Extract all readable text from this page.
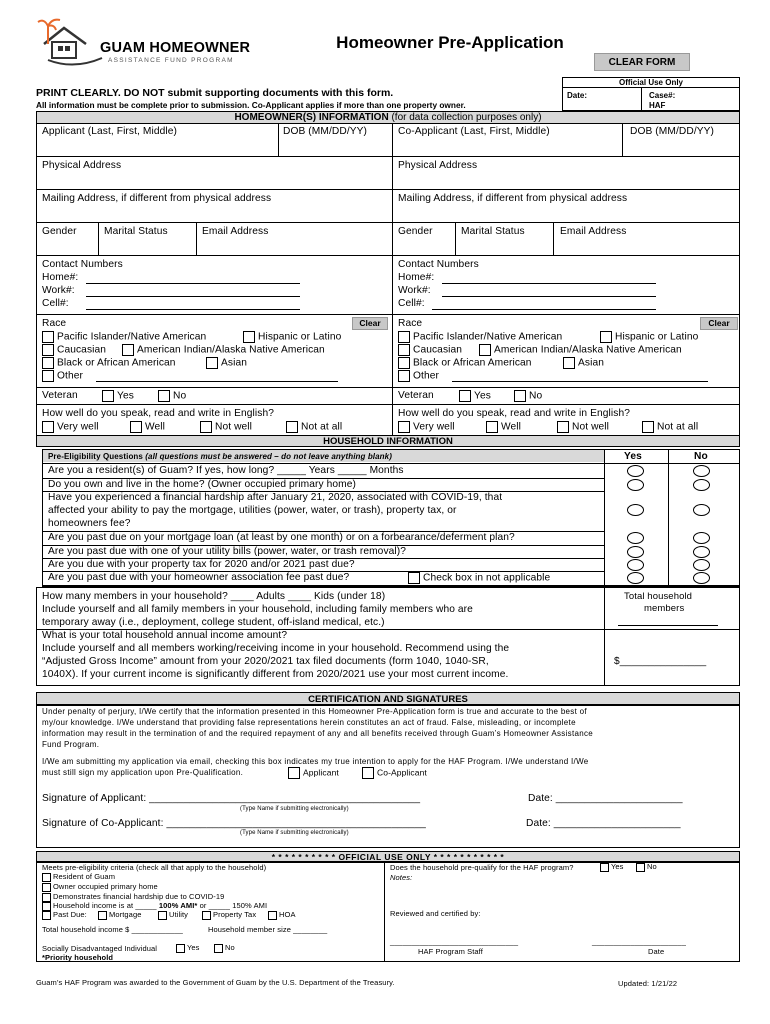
GUAM HOMEOWNER
ASSISTANCE FUND PROGRAM
Homeowner Pre-Application
CLEAR FORM
Official Use Only
Date:	Case#:
HAF
PRINT CLEARLY. DO NOT submit supporting documents with this form.
All information must be complete prior to submission. Co-Applicant applies if more than one property owner.
HOMEOWNER(S) INFORMATION (for data collection purposes only)
Applicant (Last, First, Middle)	DOB (MM/DD/YY)	Co-Applicant (Last, First, Middle)	DOB (MM/DD/YY)
Physical Address	Physical Address
Mailing Address, if different from physical address	Mailing Address, if different from physical address
Gender	Marital Status	Email Address	Gender	Marital Status	Email Address
Contact Numbers
Home#:
Work#:
Cell#:
Contact Numbers
Home#:
Work#:
Cell#:
Race	Clear
Pacific Islander/Native American	Hispanic or Latino
Caucasian	American Indian/Alaska Native American
Black or African American	Asian
Other
Race	Clear
Pacific Islander/Native American	Hispanic or Latino
Caucasian	American Indian/Alaska Native American
Black or African American	Asian
Other
Veteran	Yes	No	Veteran	Yes	No
How well do you speak, read and write in English?
Very well	Well	Not well	Not at all
How well do you speak, read and write in English?
Very well	Well	Not well	Not at all
HOUSEHOLD INFORMATION
Pre-Eligibility Questions (all questions must be answered – do not leave anything blank)	Yes	No
Are you a resident(s) of Guam? If yes, how long? _____ Years _____ Months
Do you own and live in the home? (Owner occupied primary home)
Have you experienced a financial hardship after January 21, 2020, associated with COVID-19, that
affected your ability to pay the mortgage, utilities (power, water, or trash), property tax, or
homeowners fee?
Are you past due on your mortgage loan (at least by one month) or on a forbearance/deferment plan?
Are you past due with one of your utility bills (power, water, or trash removal)?
Are you due with your property tax for 2020 and/or 2021 past due?
Are you past due with your homeowner association fee past due?	Check box in not applicable
How many members in your household? ____ Adults ____ Kids (under 18)
Include yourself and all family members in your household, including family members who are
temporary away (i.e., deployment, college student, off-island medical, etc.)
Total household
members
What is your total household annual income amount?
Include yourself and all members working/receiving income in your household. Recommend using the
“Adjusted Gross Income” amount from your 2020/2021 tax filed documents (form 1040, 1040-SR,
1040X). If your current income is significantly different from 2020/2021 use your most current income.
$_______________
CERTIFICATION AND SIGNATURES
Under penalty of perjury, I/We certify that the information presented in this Homeowner Pre-Application form is true and accurate to the best of
my/our knowledge. I/We understand that providing false representations herein constitutes an act of fraud. False, misleading, or incomplete
information may result in the termination of and the required repayment of any and all benefits received through Guam’s Homeowner Assistance
Fund Program.
I/We am submitting my application via email, checking this box indicates my true intention to apply for the HAF Program. I/We understand I/We
must still sign my application upon Pre-Qualification.	Applicant	Co-Applicant
Signature of Applicant: _______________________________________________	Date: ______________________
(Type Name if submitting electronically)
Signature of Co-Applicant: _____________________________________________	Date: ______________________
(Type Name if submitting electronically)
* * * * * * * * * * OFFICIAL USE ONLY * * * * * * * * * * *
Meets pre-eligibility criteria (check all that apply to the household)
Resident of Guam
Owner occupied primary home
Demonstrates financial hardship due to COVID-19
Household income is at _____ 100% AMI* or _____ 150% AMI
Past Due:	Mortgage	Utility	Property Tax	HOA
Total household income $ ____________	Household member size ________
Socially Disadvantaged Individual	Yes	No
*Priority household
Does the household pre-qualify for the HAF program?	Yes	No
Notes:
Reviewed and certified by:
______________________________	______________________
HAF Program Staff	Date
Guam’s HAF Program was awarded to the Government of Guam by the U.S. Department of the Treasury.	Updated: 1/21/22
